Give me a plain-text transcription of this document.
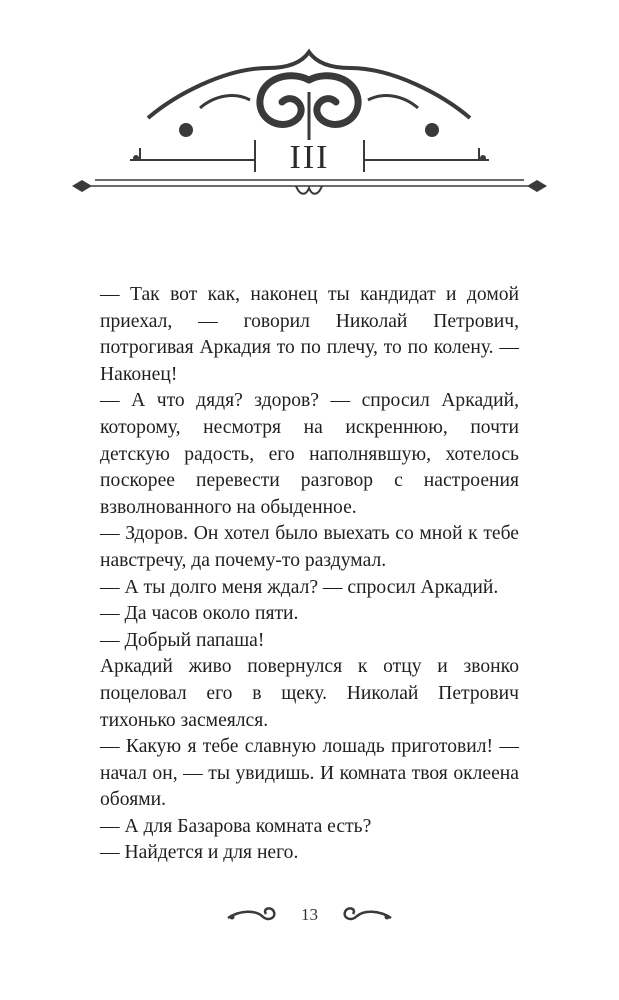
III

— Так вот как, наконец ты кандидат и домой приехал, — говорил Николай Петрович, потрогивая Аркадия то по плечу, то по колену. — Наконец!

— А что дядя? здоров? — спросил Аркадий, которому, несмотря на искреннюю, почти детскую радость, его наполнявшую, хотелось поскорее перевести разговор с настроения взволнованного на обыденное.

— Здоров. Он хотел было выехать со мной к тебе навстречу, да почему-то раздумал.

— А ты долго меня ждал? — спросил Аркадий.

— Да часов около пяти.

— Добрый папаша!

Аркадий живо повернулся к отцу и звонко поцеловал его в щеку. Николай Петрович тихонько засмеялся.

— Какую я тебе славную лошадь приготовил! — начал он, — ты увидишь. И комната твоя оклеена обоями.

— А для Базарова комната есть?

— Найдется и для него.

13
